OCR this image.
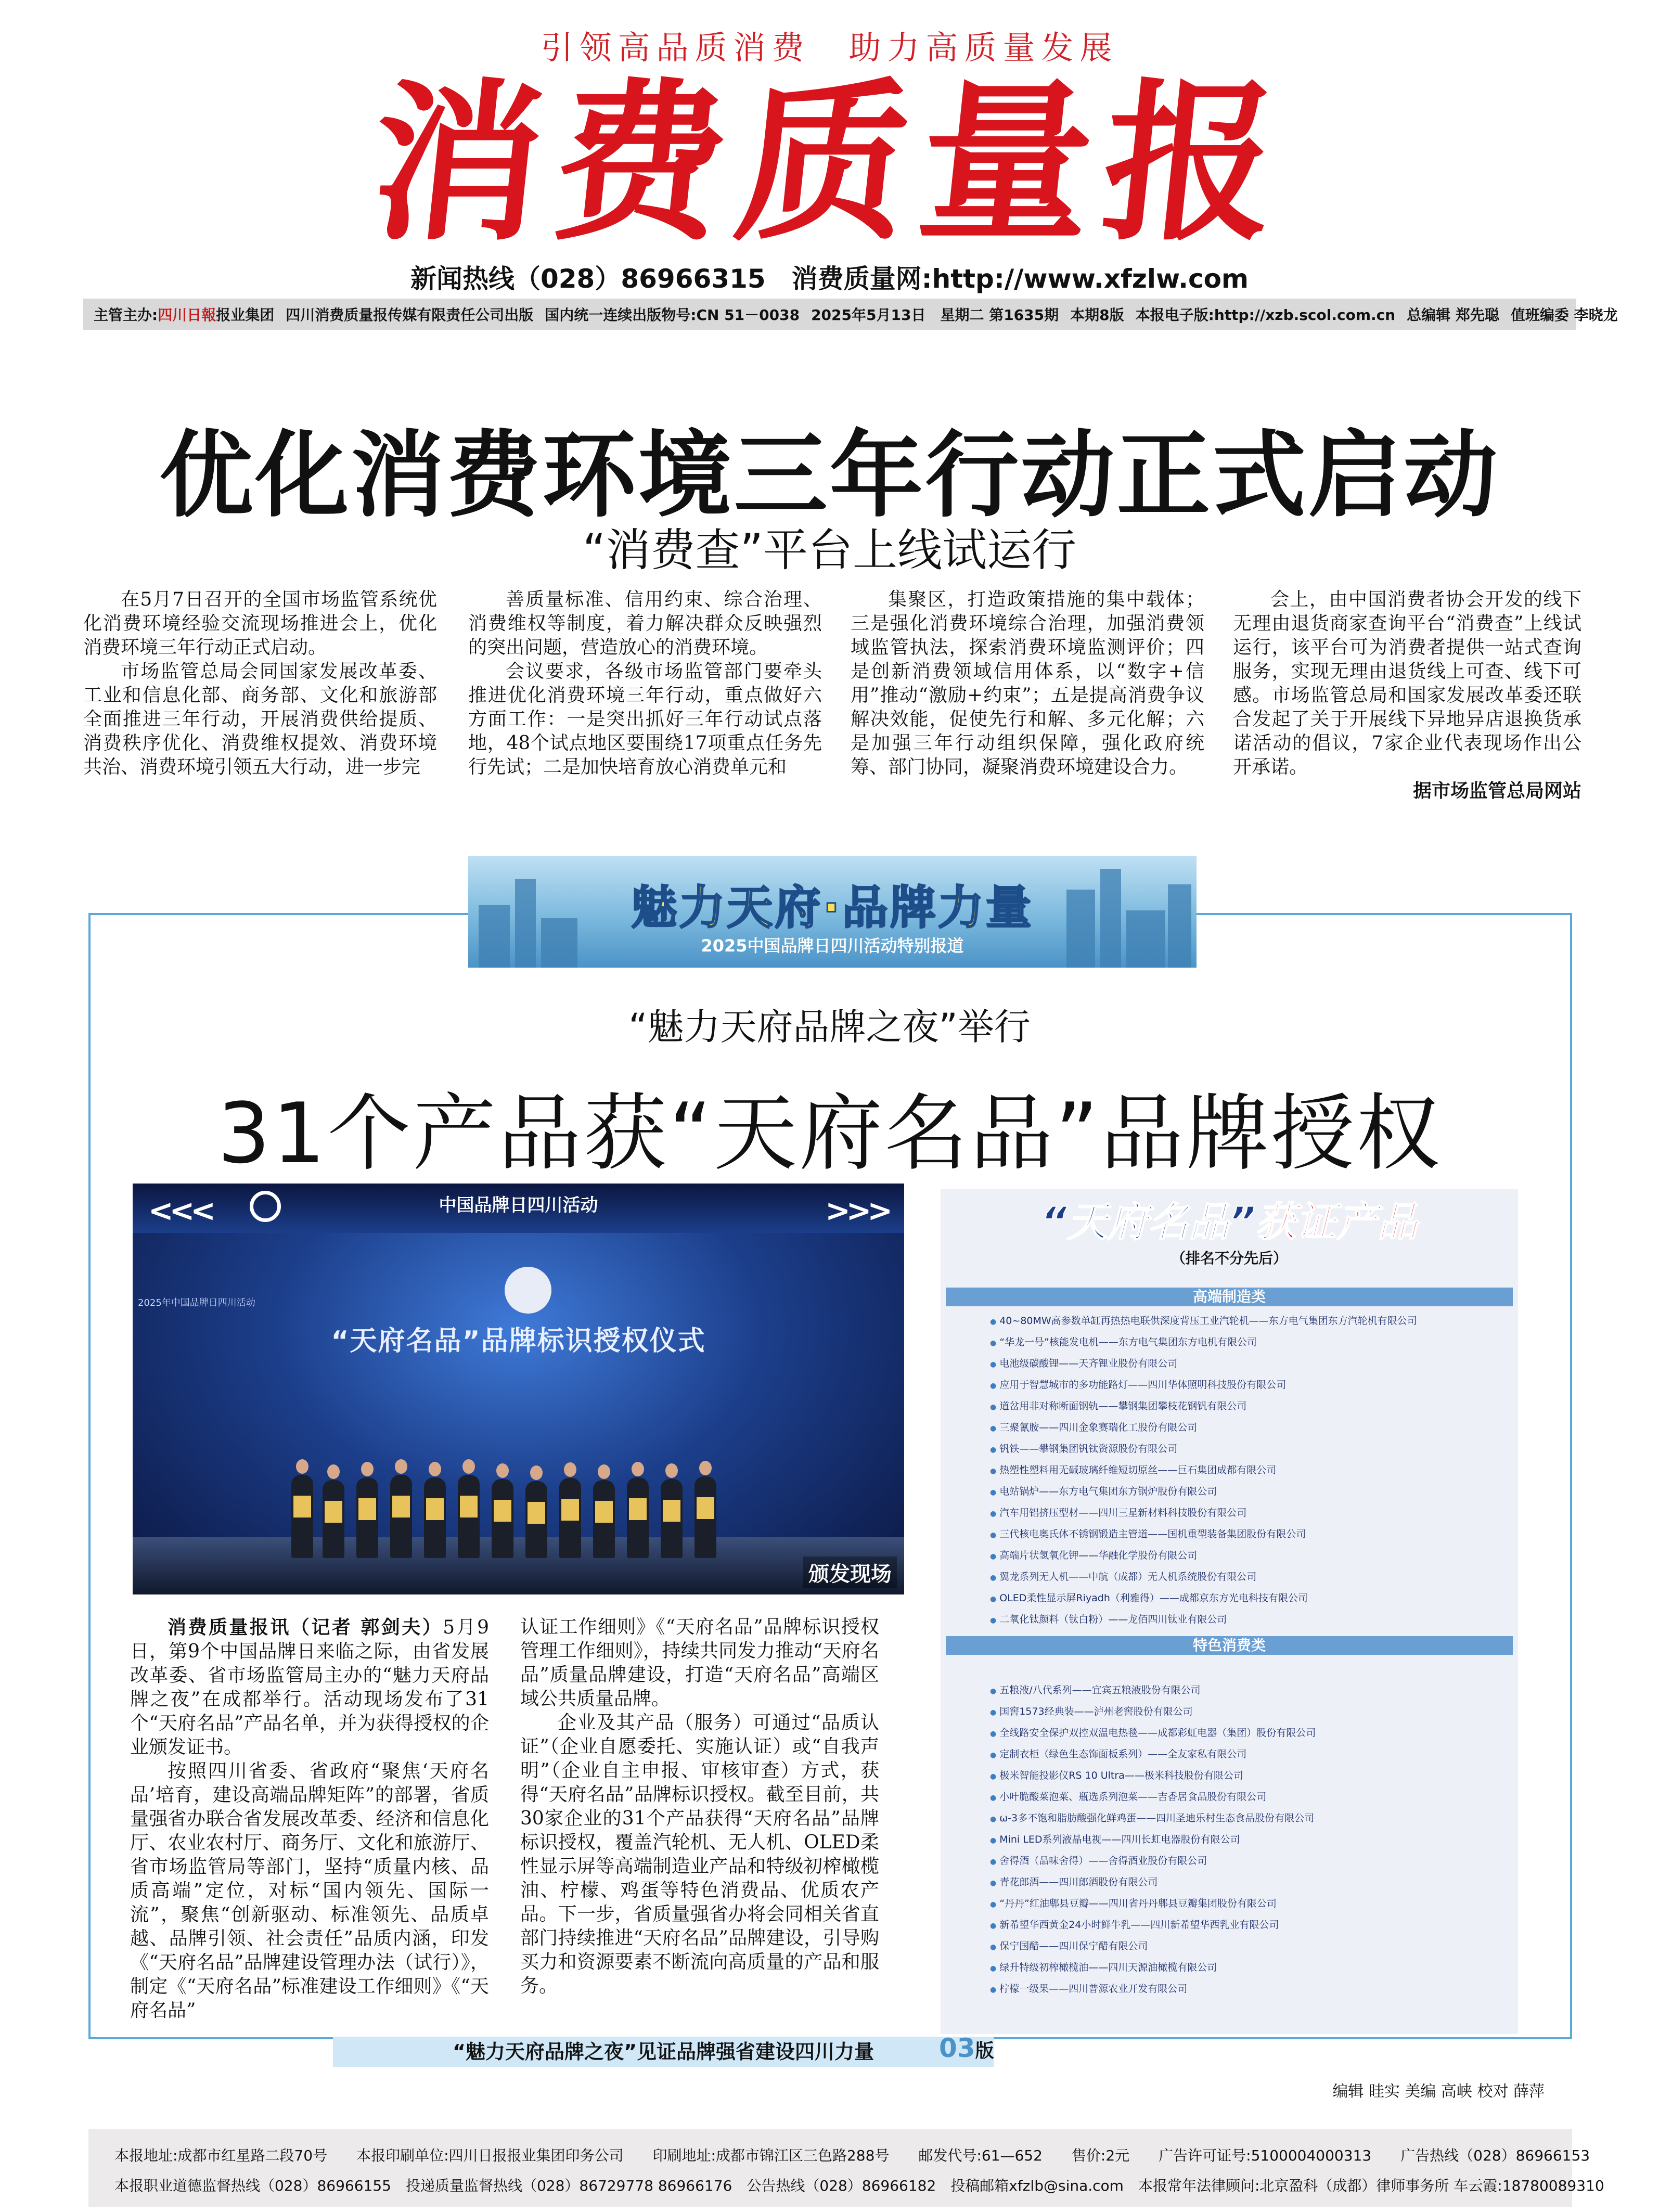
引领高品质消费　助力高质量发展
消费质量报
新闻热线（028）86966315　消费质量网:http://www.xfzlw.com
主管主办:四川日報报业集团 四川消费质量报传媒有限责任公司出版 国内统一连续出版物号:CN 51－0038 2025年5月13日　星期二 第1635期 本期8版 本报电子版:http://xzb.scol.com.cn 总编辑 郑先聪 值班编委 李晓龙
优化消费环境三年行动正式启动
“消费查”平台上线试运行

在5月7日召开的全国市场监管系统优化消费环境经验交流现场推进会上，优化消费环境三年行动正式启动。

市场监管总局会同国家发展改革委、工业和信息化部、商务部、文化和旅游部全面推进三年行动，开展消费供给提质、消费秩序优化、消费维权提效、消费环境共治、消费环境引领五大行动，进一步完

善质量标准、信用约束、综合治理、消费维权等制度，着力解决群众反映强烈的突出问题，营造放心的消费环境。

会议要求，各级市场监管部门要牵头推进优化消费环境三年行动，重点做好六方面工作：一是突出抓好三年行动试点落地，48个试点地区要围绕17项重点任务先行先试；二是加快培育放心消费单元和

集聚区，打造政策措施的集中载体；三是强化消费环境综合治理，加强消费领域监管执法，探索消费环境监测评价；四是创新消费领域信用体系，以“数字+信用”推动“激励+约束”；五是提高消费争议解决效能，促使先行和解、多元化解；六是加强三年行动组织保障，强化政府统筹、部门协同，凝聚消费环境建设合力。

会上，由中国消费者协会开发的线下无理由退货商家查询平台“消费查”上线试运行，该平台可为消费者提供一站式查询服务，实现无理由退货线上可查、线下可感。市场监管总局和国家发展改革委还联合发起了关于开展线下异地异店退换货承诺活动的倡议，7家企业代表现场作出公开承诺。

据市场监管总局网站
魅力天府·品牌力量
2025中国品牌日四川活动特别报道
“魅力天府品牌之夜”举行
31个产品获“天府名品”品牌授权
<<<	>>>
中国品牌日四川活动
2025年中国品牌日四川活动
“天府名品”品牌标识授权仪式
颁发现场

消费质量报讯（记者 郭剑夫）5月9日，第9个中国品牌日来临之际，由省发展改革委、省市场监管局主办的“魅力天府品牌之夜”在成都举行。活动现场发布了31个“天府名品”产品名单，并为获得授权的企业颁发证书。

按照四川省委、省政府“聚焦‘天府名品’培育，建设高端品牌矩阵”的部署，省质量强省办联合省发展改革委、经济和信息化厅、农业农村厅、商务厅、文化和旅游厅、省市场监管局等部门，坚持“质量内核、品质高端”定位，对标“国内领先、国际一流”，聚焦“创新驱动、标准领先、品质卓越、品牌引领、社会责任”品质内涵，印发《“天府名品”品牌建设管理办法（试行）》，制定《“天府名品”标准建设工作细则》《“天府名品”

认证工作细则》《“天府名品”品牌标识授权管理工作细则》，持续共同发力推动“天府名品”质量品牌建设，打造“天府名品”高端区域公共质量品牌。

企业及其产品（服务）可通过“品质认证”（企业自愿委托、实施认证）或“自我声明”（企业自主申报、审核审查）方式，获得“天府名品”品牌标识授权。截至目前，共30家企业的31个产品获得“天府名品”品牌标识授权，覆盖汽轮机、无人机、OLED柔性显示屏等高端制造业产品和特级初榨橄榄油、柠檬、鸡蛋等特色消费品、优质农产品。下一步，省质量强省办将会同相关省直部门持续推进“天府名品”品牌建设，引导购买力和资源要素不断流向高质量的产品和服务。

“天府名品”获证产品
（排名不分先后）
高端制造类
● 40~80MW高参数单缸再热热电联供深度背压工业汽轮机——东方电气集团东方汽轮机有限公司
● “华龙一号”核能发电机——东方电气集团东方电机有限公司
● 电池级碳酸锂——天齐锂业股份有限公司
● 应用于智慧城市的多功能路灯——四川华体照明科技股份有限公司
● 道岔用非对称断面钢轨——攀钢集团攀枝花钢钒有限公司
● 三聚氰胺——四川金象赛瑞化工股份有限公司
● 钒铁——攀钢集团钒钛资源股份有限公司
● 热塑性塑料用无碱玻璃纤维短切原丝——巨石集团成都有限公司
● 电站锅炉——东方电气集团东方锅炉股份有限公司
● 汽车用铝挤压型材——四川三星新材料科技股份有限公司
● 三代核电奥氏体不锈钢锻造主管道——国机重型装备集团股份有限公司
● 高端片状氢氧化钾——华融化学股份有限公司
● 翼龙系列无人机——中航（成都）无人机系统股份有限公司
● OLED柔性显示屏Riyadh（利雅得）——成都京东方光电科技有限公司
● 二氧化钛颜料（钛白粉）——龙佰四川钛业有限公司
特色消费类
● 五粮液/八代系列——宜宾五粮液股份有限公司
● 国窖1573经典装——泸州老窖股份有限公司
● 全线路安全保护双控双温电热毯——成都彩虹电器（集团）股份有限公司
● 定制衣柜（绿色生态饰面板系列）——全友家私有限公司
● 极米智能投影仪RS 10 Ultra——极米科技股份有限公司
● 小叶脆酸菜泡菜、瓶选系列泡菜——吉香居食品股份有限公司
● ω-3多不饱和脂肪酸强化鲜鸡蛋——四川圣迪乐村生态食品股份有限公司
● Mini LED系列液晶电视——四川长虹电器股份有限公司
● 舍得酒（品味舍得）——舍得酒业股份有限公司
● 青花郎酒——四川郎酒股份有限公司
● “丹丹”红油郫县豆瓣——四川省丹丹郫县豆瓣集团股份有限公司
● 新希望华西黄金24小时鲜牛乳——四川新希望华西乳业有限公司
● 保宁国醋——四川保宁醋有限公司
● 绿升特级初榨橄榄油——四川天源油橄榄有限公司
● 柠檬一级果——四川普源农业开发有限公司
“魅力天府品牌之夜”见证品牌强省建设四川力量	03版
编辑 眭实 美编 高峡 校对 薛萍
本报地址:成都市红星路二段70号　　本报印刷单位:四川日报报业集团印务公司　　印刷地址:成都市锦江区三色路288号　　邮发代号:61—652　　售价:2元　　广告许可证号:5100004000313　　广告热线（028）86966153
本报职业道德监督热线（028）86966155　投递质量监督热线（028）86729778 86966176　公告热线（028）86966182　投稿邮箱xfzlb@sina.com　本报常年法律顾问:北京盈科（成都）律师事务所 车云霞:18780089310
